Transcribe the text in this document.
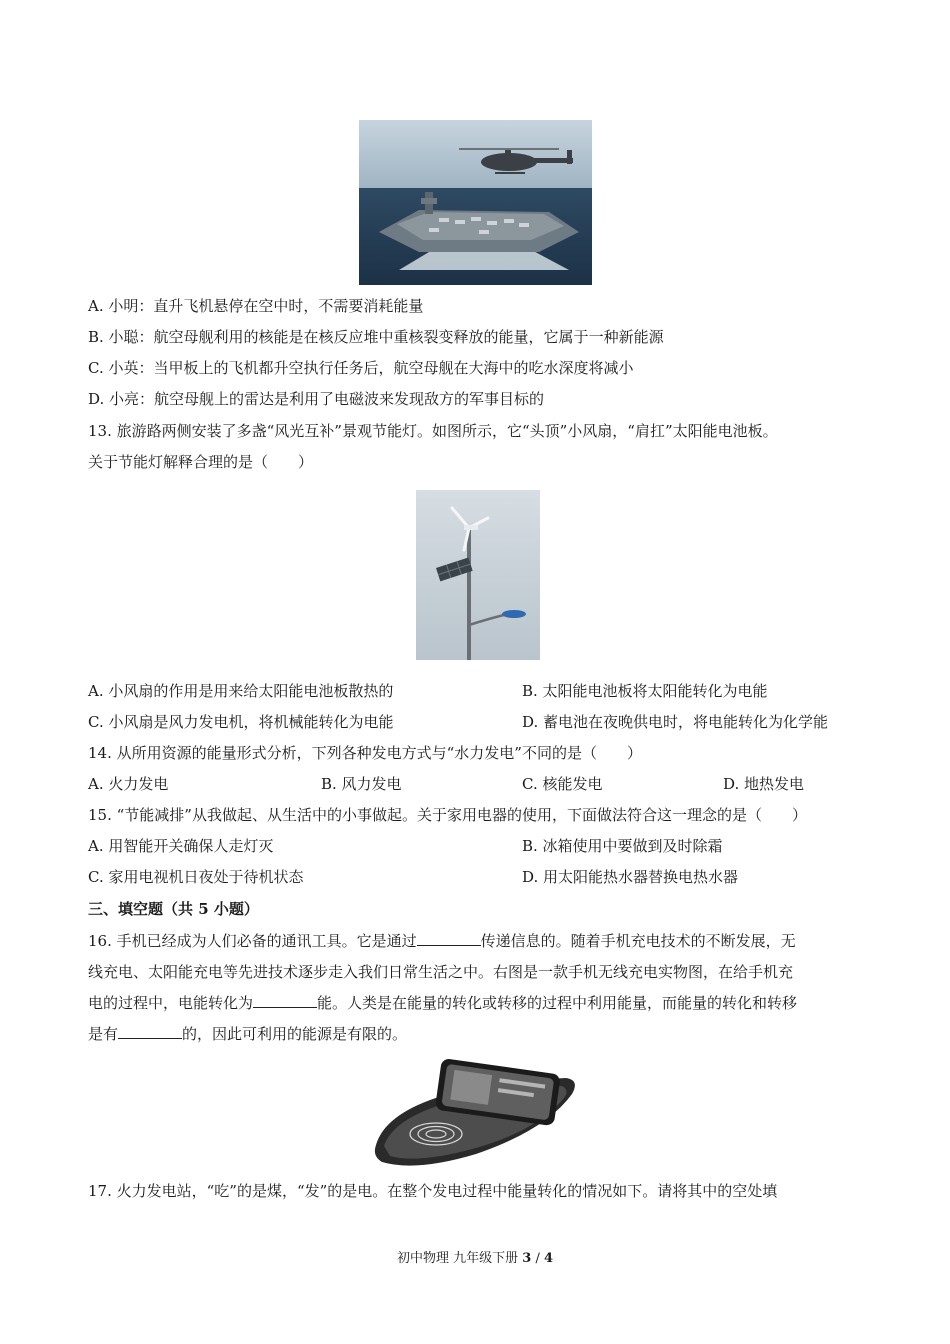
A. 小明：直升飞机悬停在空中时，不需要消耗能量
B. 小聪：航空母舰利用的核能是在核反应堆中重核裂变释放的能量，它属于一种新能源
C. 小英：当甲板上的飞机都升空执行任务后，航空母舰在大海中的吃水深度将减小
D. 小亮：航空母舰上的雷达是利用了电磁波来发现敌方的军事目标的
13. 旅游路两侧安装了多盏“风光互补”景观节能灯。如图所示，它“头顶”小风扇，“肩扛”太阳能电池板。
关于节能灯解释合理的是（　　）
A. 小风扇的作用是用来给太阳能电池板散热的	B. 太阳能电池板将太阳能转化为电能
C. 小风扇是风力发电机，将机械能转化为电能	D. 蓄电池在夜晚供电时，将电能转化为化学能
14. 从所用资源的能量形式分析，下列各种发电方式与“水力发电”不同的是（　　）
A. 火力发电	B. 风力发电	C. 核能发电	D. 地热发电
15. “节能减排”从我做起、从生活中的小事做起。关于家用电器的使用，下面做法符合这一理念的是（　　）
A. 用智能开关确保人走灯灭	B. 冰箱使用中要做到及时除霜
C. 家用电视机日夜处于待机状态	D. 用太阳能热水器替换电热水器
三、填空题（共 5 小题）
16. 手机已经成为人们必备的通讯工具。它是通过	传递信息的。随着手机充电技术的不断发展，无
线充电、太阳能充电等先进技术逐步走入我们日常生活之中。右图是一款手机无线充电实物图，在给手机充
电的过程中，电能转化为	能。人类是在能量的转化或转移的过程中利用能量，而能量的转化和转移
是有	的，因此可利用的能源是有限的。
17. 火力发电站，“吃”的是煤，“发”的是电。在整个发电过程中能量转化的情况如下。请将其中的空处填
初中物理 九年级下册 3 / 4
